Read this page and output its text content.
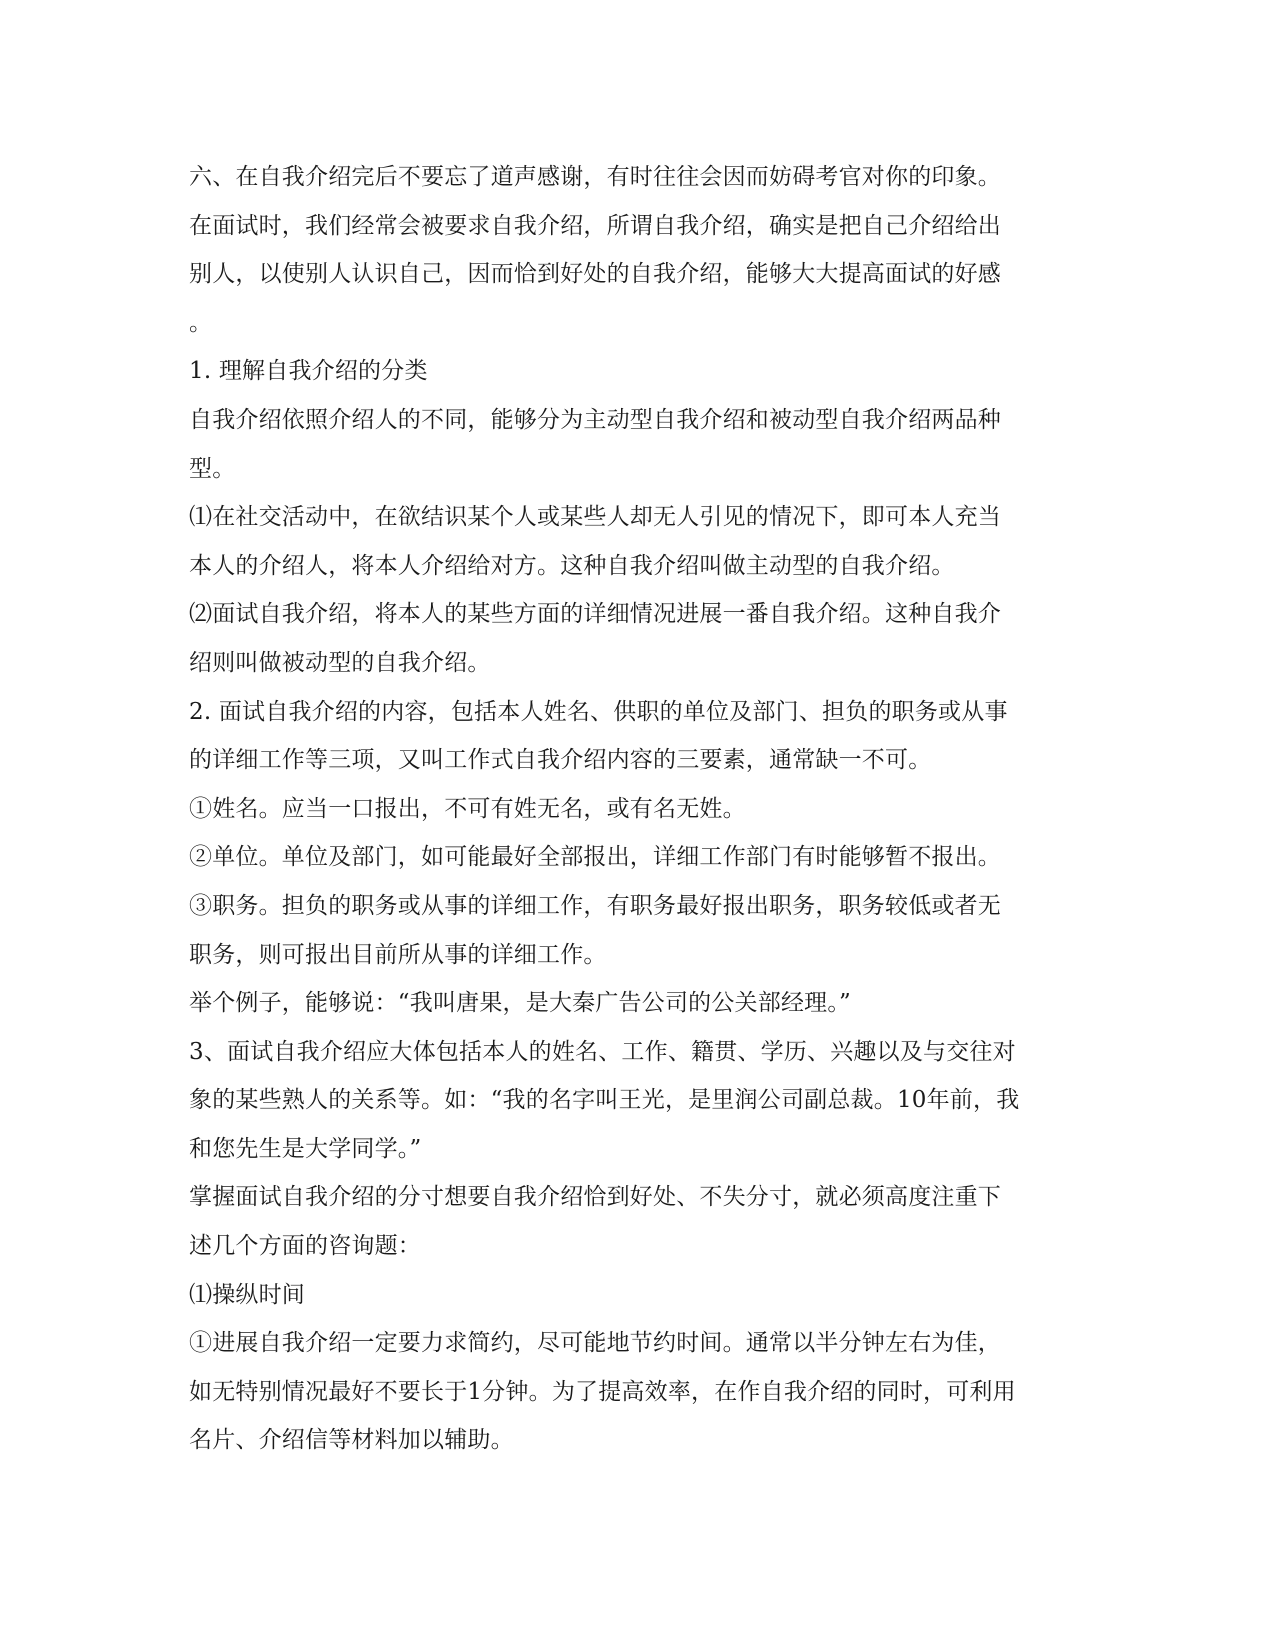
六、在自我介绍完后不要忘了道声感谢，有时往往会因而妨碍考官对你的印象。
在面试时，我们经常会被要求自我介绍，所谓自我介绍，确实是把自己介绍给出
别人，以使别人认识自己，因而恰到好处的自我介绍，能够大大提高面试的好感
。
1. 理解自我介绍的分类
自我介绍依照介绍人的不同，能够分为主动型自我介绍和被动型自我介绍两品种
型。
⑴在社交活动中，在欲结识某个人或某些人却无人引见的情况下，即可本人充当
本人的介绍人，将本人介绍给对方。这种自我介绍叫做主动型的自我介绍。
⑵面试自我介绍，将本人的某些方面的详细情况进展一番自我介绍。这种自我介
绍则叫做被动型的自我介绍。
2. 面试自我介绍的内容，包括本人姓名、供职的单位及部门、担负的职务或从事
的详细工作等三项，又叫工作式自我介绍内容的三要素，通常缺一不可。
①姓名。应当一口报出，不可有姓无名，或有名无姓。
②单位。单位及部门，如可能最好全部报出，详细工作部门有时能够暂不报出。
③职务。担负的职务或从事的详细工作，有职务最好报出职务，职务较低或者无
职务，则可报出目前所从事的详细工作。
举个例子，能够说：“我叫唐果，是大秦广告公司的公关部经理。”
3、面试自我介绍应大体包括本人的姓名、工作、籍贯、学历、兴趣以及与交往对
象的某些熟人的关系等。如：“我的名字叫王光，是里润公司副总裁。10年前，我
和您先生是大学同学。”
掌握面试自我介绍的分寸想要自我介绍恰到好处、不失分寸，就必须高度注重下
述几个方面的咨询题：
⑴操纵时间
①进展自我介绍一定要力求简约，尽可能地节约时间。通常以半分钟左右为佳，
如无特别情况最好不要长于1分钟。为了提高效率，在作自我介绍的同时，可利用
名片、介绍信等材料加以辅助。
